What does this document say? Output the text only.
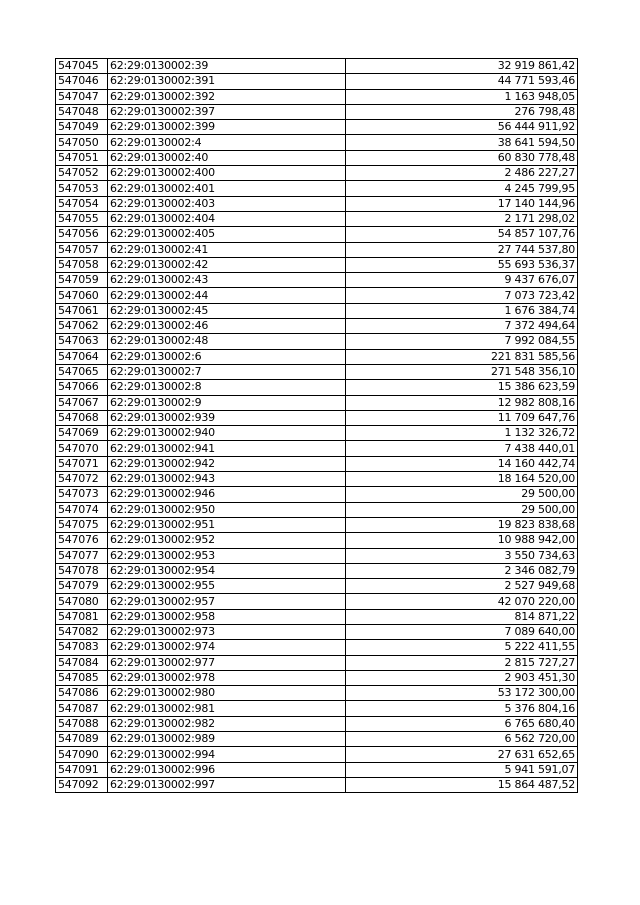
547045	62:29:0130002:39	32 919 861,42
547046	62:29:0130002:391	44 771 593,46
547047	62:29:0130002:392	1 163 948,05
547048	62:29:0130002:397	276 798,48
547049	62:29:0130002:399	56 444 911,92
547050	62:29:0130002:4	38 641 594,50
547051	62:29:0130002:40	60 830 778,48
547052	62:29:0130002:400	2 486 227,27
547053	62:29:0130002:401	4 245 799,95
547054	62:29:0130002:403	17 140 144,96
547055	62:29:0130002:404	2 171 298,02
547056	62:29:0130002:405	54 857 107,76
547057	62:29:0130002:41	27 744 537,80
547058	62:29:0130002:42	55 693 536,37
547059	62:29:0130002:43	9 437 676,07
547060	62:29:0130002:44	7 073 723,42
547061	62:29:0130002:45	1 676 384,74
547062	62:29:0130002:46	7 372 494,64
547063	62:29:0130002:48	7 992 084,55
547064	62:29:0130002:6	221 831 585,56
547065	62:29:0130002:7	271 548 356,10
547066	62:29:0130002:8	15 386 623,59
547067	62:29:0130002:9	12 982 808,16
547068	62:29:0130002:939	11 709 647,76
547069	62:29:0130002:940	1 132 326,72
547070	62:29:0130002:941	7 438 440,01
547071	62:29:0130002:942	14 160 442,74
547072	62:29:0130002:943	18 164 520,00
547073	62:29:0130002:946	29 500,00
547074	62:29:0130002:950	29 500,00
547075	62:29:0130002:951	19 823 838,68
547076	62:29:0130002:952	10 988 942,00
547077	62:29:0130002:953	3 550 734,63
547078	62:29:0130002:954	2 346 082,79
547079	62:29:0130002:955	2 527 949,68
547080	62:29:0130002:957	42 070 220,00
547081	62:29:0130002:958	814 871,22
547082	62:29:0130002:973	7 089 640,00
547083	62:29:0130002:974	5 222 411,55
547084	62:29:0130002:977	2 815 727,27
547085	62:29:0130002:978	2 903 451,30
547086	62:29:0130002:980	53 172 300,00
547087	62:29:0130002:981	5 376 804,16
547088	62:29:0130002:982	6 765 680,40
547089	62:29:0130002:989	6 562 720,00
547090	62:29:0130002:994	27 631 652,65
547091	62:29:0130002:996	5 941 591,07
547092	62:29:0130002:997	15 864 487,52
